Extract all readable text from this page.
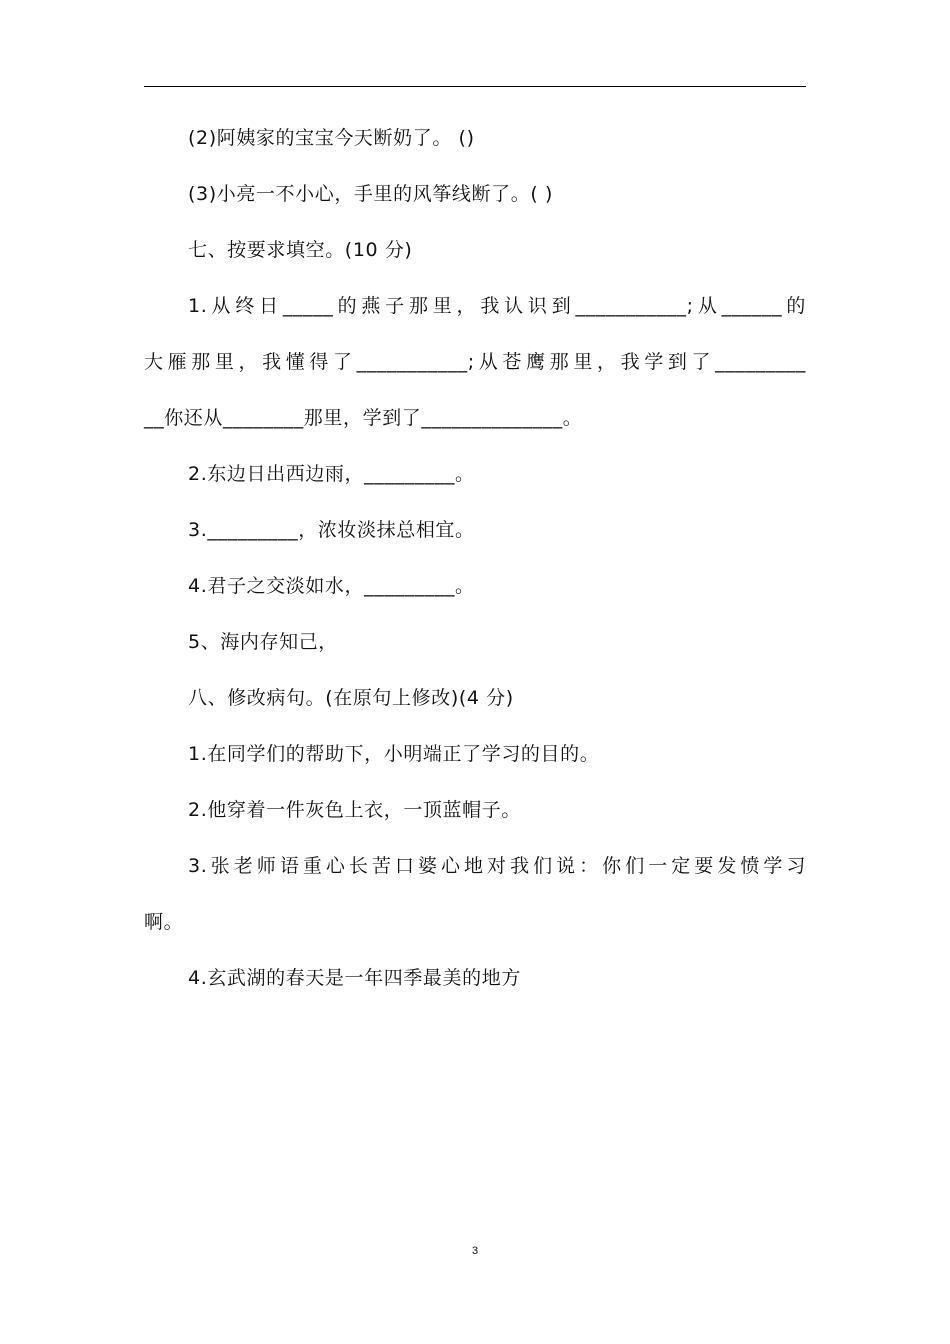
(2)阿姨家的宝宝今天断奶了。 ()
(3)小亮一不小心，手里的风筝线断了。( )
七、按要求填空。(10 分)
1.从终日_____的燕子那里，我认识到___________;从______的
大雁那里，我懂得了___________;从苍鹰那里，我学到了_________
__你还从________那里，学到了______________。
2.东边日出西边雨，_________。
3._________，浓妆淡抹总相宜。
4.君子之交淡如水，_________。
5、海内存知己，
八、修改病句。(在原句上修改)(4 分)
1.在同学们的帮助下，小明端正了学习的目的。
2.他穿着一件灰色上衣，一顶蓝帽子。
3.张老师语重心长苦口婆心地对我们说：你们一定要发愤学习
啊。
4.玄武湖的春天是一年四季最美的地方
3
